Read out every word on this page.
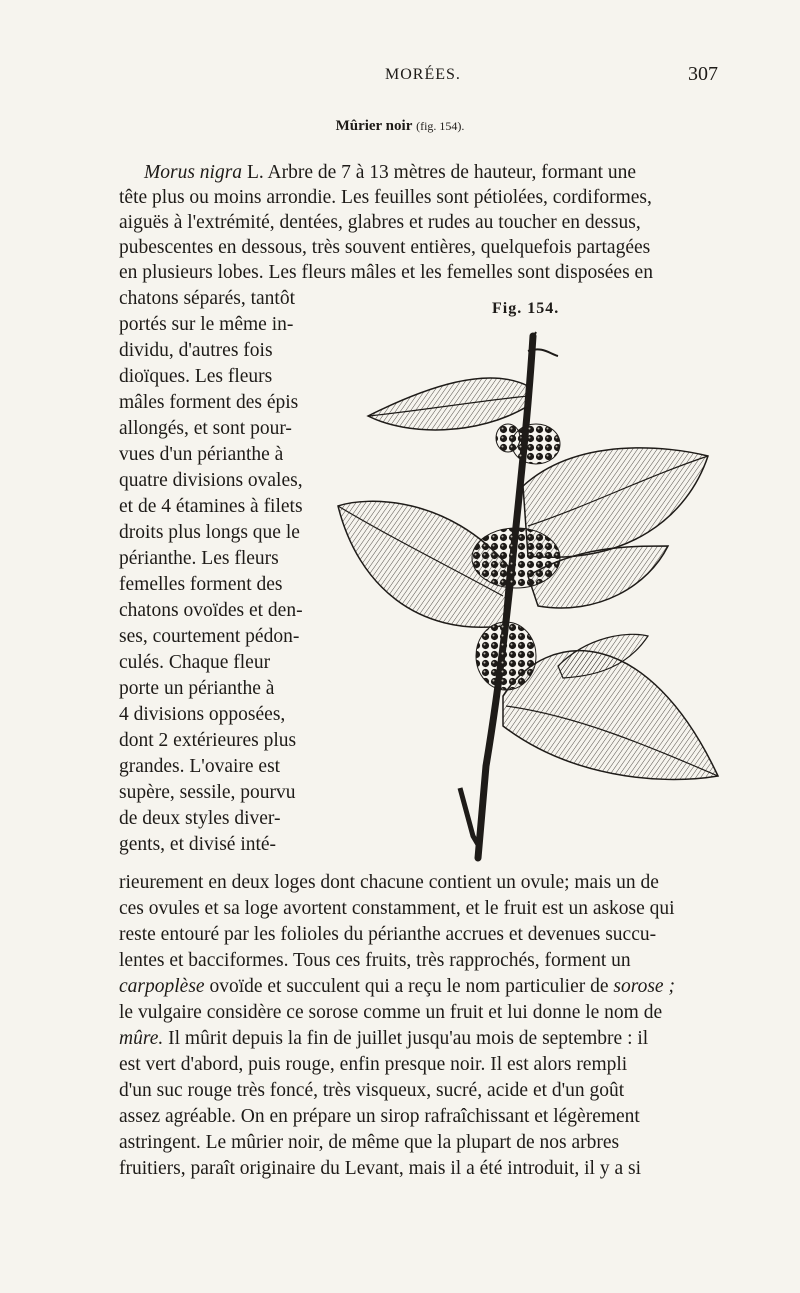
MORÉES.	307
Mûrier noir (fig. 154).
Morus nigra L. Arbre de 7 à 13 mètres de hauteur, formant une
tête plus ou moins arrondie. Les feuilles sont pétiolées, cordiformes,
aiguës à l'extrémité, dentées, glabres et rudes au toucher en dessus,
pubescentes en dessous, très souvent entières, quelquefois partagées
en plusieurs lobes. Les fleurs mâles et les femelles sont disposées en
chatons séparés, tantôt
portés sur le même in-
dividu, d'autres fois
dioïques. Les fleurs
mâles forment des épis
allongés, et sont pour-
vues d'un périanthe à
quatre divisions ovales,
et de 4 étamines à filets
droits plus longs que le
périanthe. Les fleurs
femelles forment des
chatons ovoïdes et den-
ses, courtement pédon-
culés. Chaque fleur
porte un périanthe à
4 divisions opposées,
dont 2 extérieures plus
grandes. L'ovaire est
supère, sessile, pourvu
de deux styles diver-
gents, et divisé inté-
Fig. 154.
rieurement en deux loges dont chacune contient un ovule; mais un de
ces ovules et sa loge avortent constamment, et le fruit est un askose qui
reste entouré par les folioles du périanthe accrues et devenues succu-
lentes et bacciformes. Tous ces fruits, très rapprochés, forment un
carpoplèse ovoïde et succulent qui a reçu le nom particulier de sorose ;
le vulgaire considère ce sorose comme un fruit et lui donne le nom de
mûre. Il mûrit depuis la fin de juillet jusqu'au mois de septembre : il
est vert d'abord, puis rouge, enfin presque noir. Il est alors rempli
d'un suc rouge très foncé, très visqueux, sucré, acide et d'un goût
assez agréable. On en prépare un sirop rafraîchissant et légèrement
astringent. Le mûrier noir, de même que la plupart de nos arbres
fruitiers, paraît originaire du Levant, mais il a été introduit, il y a si
